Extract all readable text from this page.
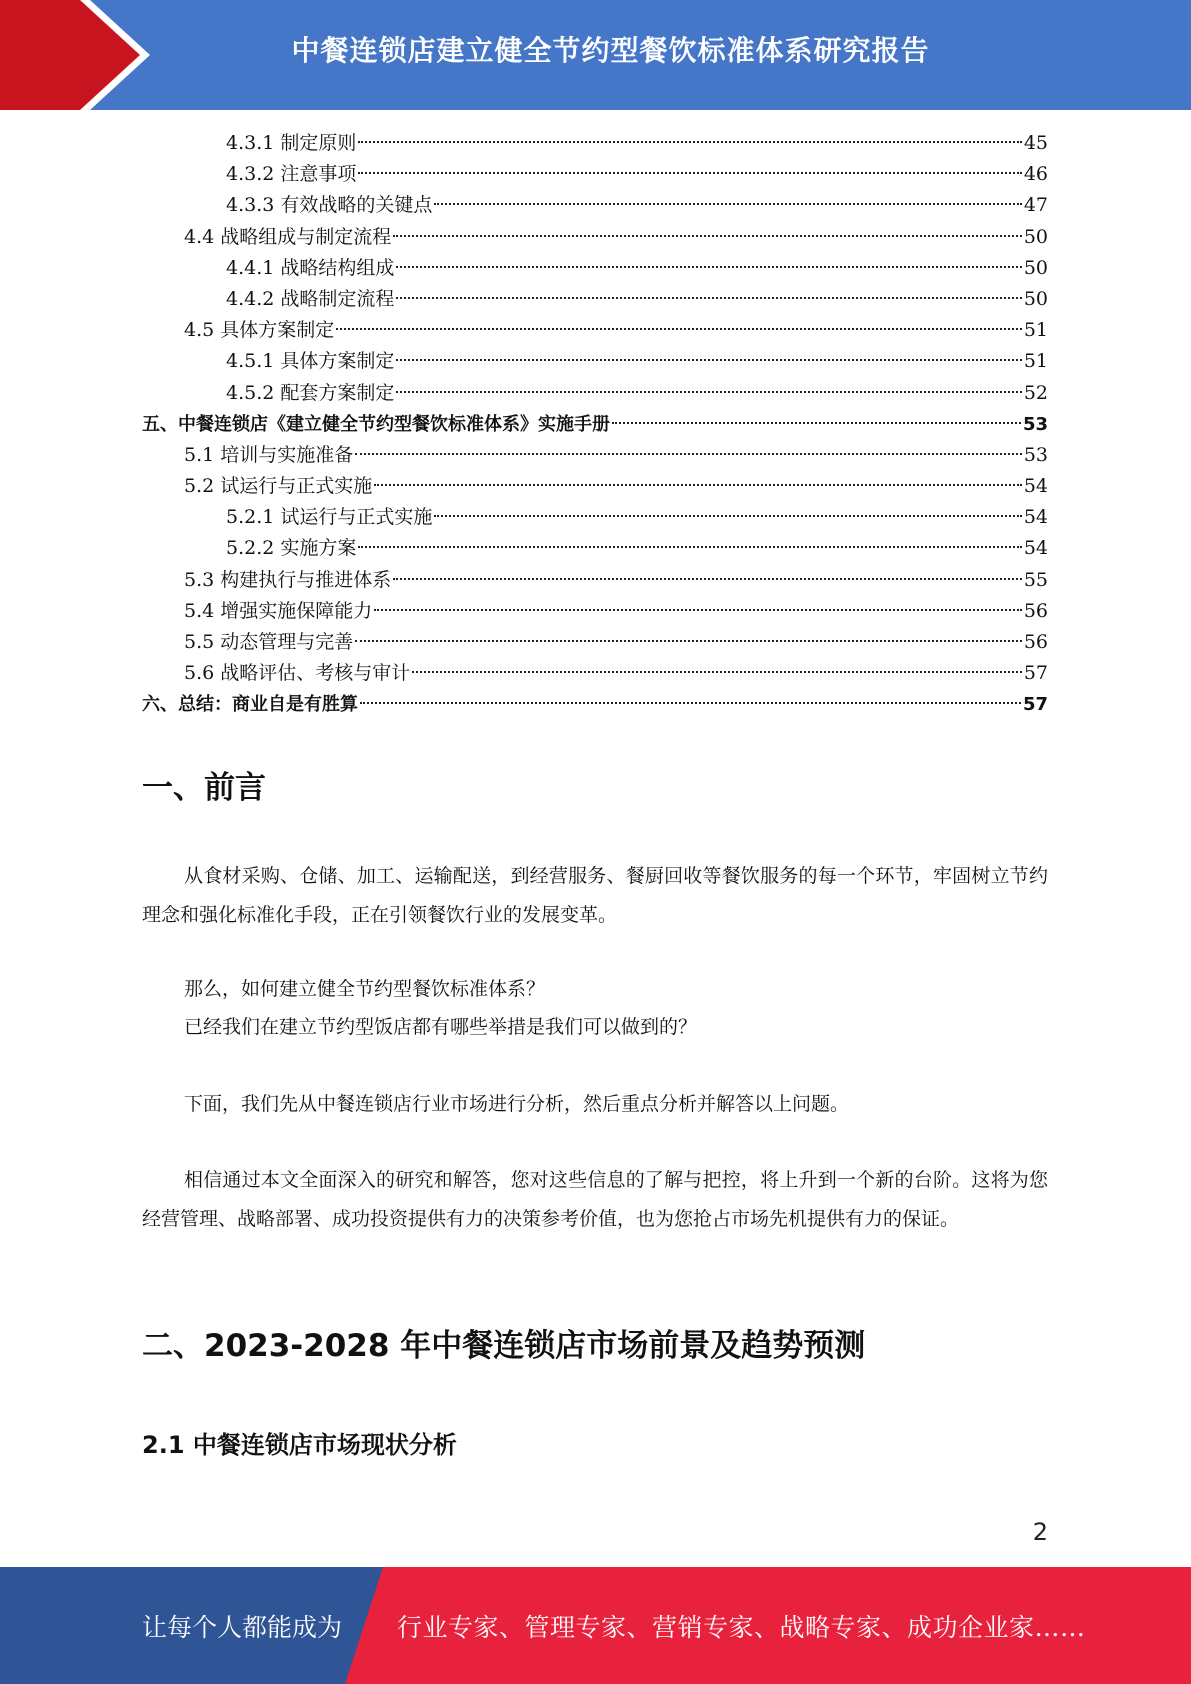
中餐连锁店建立健全节约型餐饮标准体系研究报告
4.3.1 制定原则	45
4.3.2 注意事项	46
4.3.3 有效战略的关键点	47
4.4 战略组成与制定流程	50
4.4.1 战略结构组成	50
4.4.2 战略制定流程	50
4.5 具体方案制定	51
4.5.1 具体方案制定	51
4.5.2 配套方案制定	52
五、中餐连锁店《建立健全节约型餐饮标准体系》实施手册	53
5.1 培训与实施准备	53
5.2 试运行与正式实施	54
5.2.1 试运行与正式实施	54
5.2.2 实施方案	54
5.3 构建执行与推进体系	55
5.4 增强实施保障能力	56
5.5 动态管理与完善	56
5.6 战略评估、考核与审计	57
六、总结：商业自是有胜算	57
一、前言
从食材采购、仓储、加工、运输配送，到经营服务、餐厨回收等餐饮服务的每一个环节，牢固树立节约理念和强化标准化手段，正在引领餐饮行业的发展变革。
那么，如何建立健全节约型餐饮标准体系？
已经我们在建立节约型饭店都有哪些举措是我们可以做到的？
下面，我们先从中餐连锁店行业市场进行分析，然后重点分析并解答以上问题。
相信通过本文全面深入的研究和解答，您对这些信息的了解与把控，将上升到一个新的台阶。这将为您经营管理、战略部署、成功投资提供有力的决策参考价值，也为您抢占市场先机提供有力的保证。
二、2023-2028 年中餐连锁店市场前景及趋势预测
2.1 中餐连锁店市场现状分析
2
让每个人都能成为 行业专家、管理专家、营销专家、战略专家、成功企业家……
